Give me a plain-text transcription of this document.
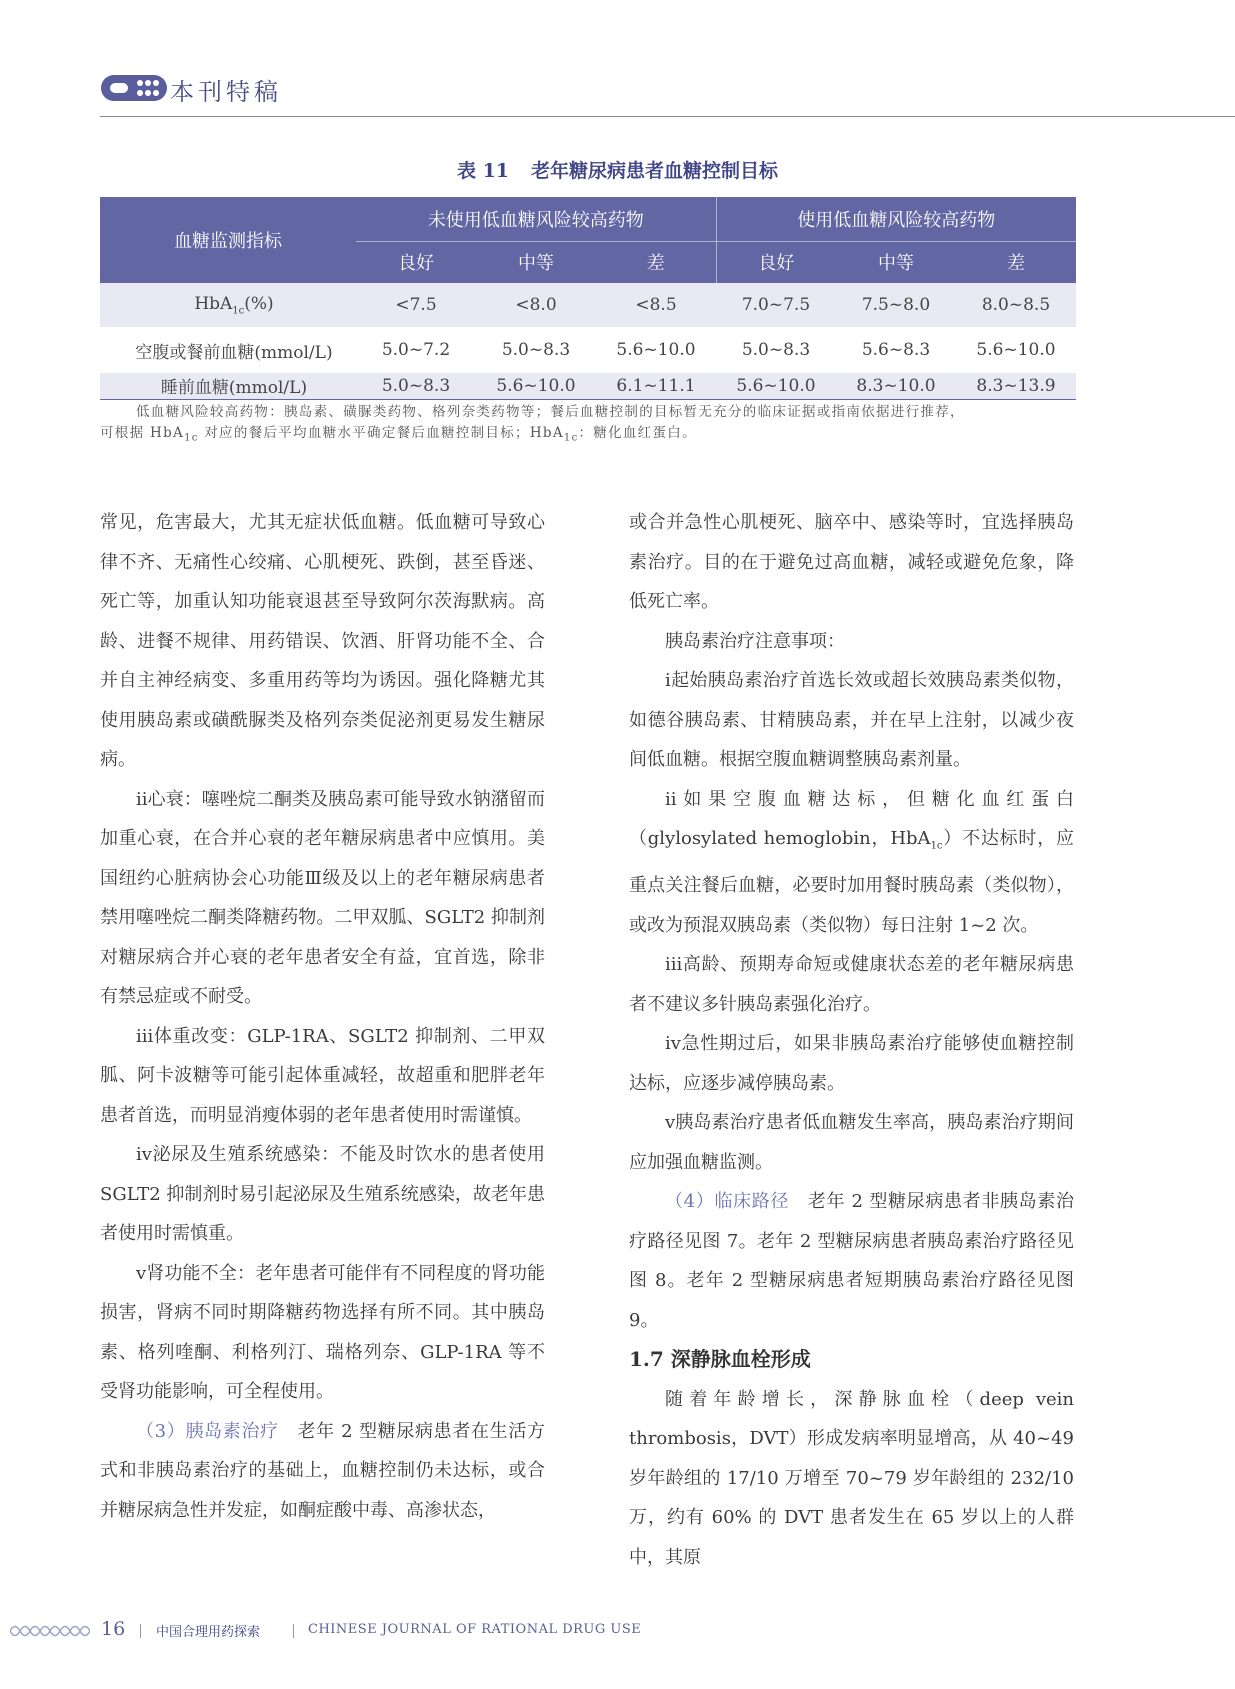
本刊特稿
表 11 老年糖尿病患者血糖控制目标
血糖监测指标	未使用低血糖风险较高药物			使用低血糖风险较高药物		
	良好	中等	差	良好	中等	差
HbA$_{1c}$(%)	<7.5	<8.0	<8.5	7.0~7.5	7.5~8.0	8.0~8.5
空腹或餐前血糖(mmol/L)	5.0~7.2	5.0~8.3	5.6~10.0	5.0~8.3	5.6~8.3	5.6~10.0
睡前血糖(mmol/L)	5.0~8.3	5.6~10.0	6.1~11.1	5.6~10.0	8.3~10.0	8.3~13.9
低血糖风险较高药物：胰岛素、磺脲类药物、格列奈类药物等；餐后血糖控制的目标暂无充分的临床证据或指南依据进行推荐，
可根据 HbA$_{1c}$ 对应的餐后平均血糖水平确定餐后血糖控制目标；HbA$_{1c}$：糖化血红蛋白。

常见，危害最大，尤其无症状低血糖。低血糖可导致心律不齐、无痛性心绞痛、心肌梗死、跌倒，甚至昏迷、死亡等，加重认知功能衰退甚至导致阿尔茨海默病。高龄、进餐不规律、用药错误、饮酒、肝肾功能不全、合并自主神经病变、多重用药等均为诱因。强化降糖尤其使用胰岛素或磺酰脲类及格列奈类促泌剂更易发生糖尿病。

ⅱ心衰：噻唑烷二酮类及胰岛素可能导致水钠潴留而加重心衰，在合并心衰的老年糖尿病患者中应慎用。美国纽约心脏病协会心功能Ⅲ级及以上的老年糖尿病患者禁用噻唑烷二酮类降糖药物。二甲双胍、SGLT2 抑制剂对糖尿病合并心衰的老年患者安全有益，宜首选，除非有禁忌症或不耐受。

ⅲ体重改变：GLP-1RA、SGLT2 抑制剂、二甲双胍、阿卡波糖等可能引起体重减轻，故超重和肥胖老年患者首选，而明显消瘦体弱的老年患者使用时需谨慎。

ⅳ泌尿及生殖系统感染：不能及时饮水的患者使用 SGLT2 抑制剂时易引起泌尿及生殖系统感染，故老年患者使用时需慎重。

ⅴ肾功能不全：老年患者可能伴有不同程度的肾功能损害，肾病不同时期降糖药物选择有所不同。其中胰岛素、格列喹酮、利格列汀、瑞格列奈、GLP-1RA 等不受肾功能影响，可全程使用。

（3）胰岛素治疗　老年 2 型糖尿病患者在生活方式和非胰岛素治疗的基础上，血糖控制仍未达标，或合并糖尿病急性并发症，如酮症酸中毒、高渗状态，

或合并急性心肌梗死、脑卒中、感染等时，宜选择胰岛素治疗。目的在于避免过高血糖，减轻或避免危象，降低死亡率。

胰岛素治疗注意事项：

ⅰ起始胰岛素治疗首选长效或超长效胰岛素类似物，如德谷胰岛素、甘精胰岛素，并在早上注射，以减少夜间低血糖。根据空腹血糖调整胰岛素剂量。

ⅱ如果空腹血糖达标，但糖化血红蛋白（glylosylated hemoglobin，HbA$_{1c}$）不达标时，应重点关注餐后血糖，必要时加用餐时胰岛素（类似物），或改为预混双胰岛素（类似物）每日注射 1~2 次。

ⅲ高龄、预期寿命短或健康状态差的老年糖尿病患者不建议多针胰岛素强化治疗。

ⅳ急性期过后，如果非胰岛素治疗能够使血糖控制达标，应逐步减停胰岛素。

ⅴ胰岛素治疗患者低血糖发生率高，胰岛素治疗期间应加强血糖监测。

（4）临床路径　老年 2 型糖尿病患者非胰岛素治疗路径见图 7。老年 2 型糖尿病患者胰岛素治疗路径见图 8。老年 2 型糖尿病患者短期胰岛素治疗路径见图 9。

1.7 深静脉血栓形成

随着年龄增长，深静脉血栓（deep vein thrombosis，DVT）形成发病率明显增高，从 40~49 岁年龄组的 17/10 万增至 70~79 岁年龄组的 232/10 万，约有 60% 的 DVT 患者发生在 65 岁以上的人群中，其原

16 中国合理用药探索	CHINESE JOURNAL OF RATIONAL DRUG USE
